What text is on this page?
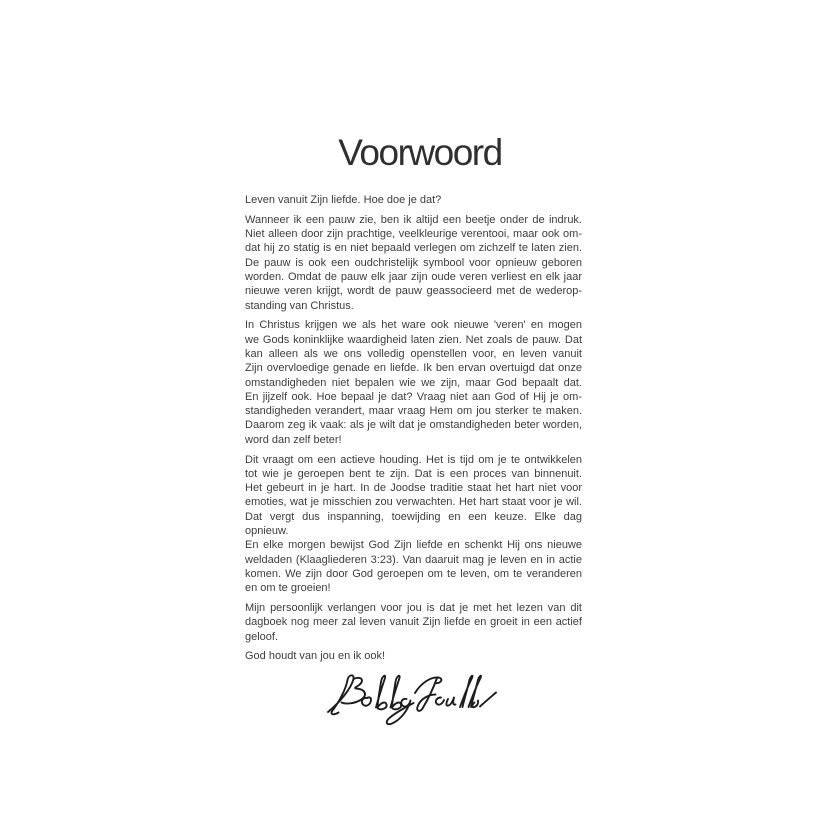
Voorwoord
Leven vanuit Zijn liefde. Hoe doe je dat?
Wanneer ik een pauw zie, ben ik altijd een beetje onder de indruk.
Niet alleen door zijn prachtige, veelkleurige verentooi, maar ook om-
dat hij zo statig is en niet bepaald verlegen om zichzelf te laten zien.
De pauw is ook een oudchristelijk symbool voor opnieuw geboren
worden. Omdat de pauw elk jaar zijn oude veren verliest en elk jaar
nieuwe veren krijgt, wordt de pauw geassocieerd met de wederop-
standing van Christus.
In Christus krijgen we als het ware ook nieuwe 'veren' en mogen
we Gods koninklijke waardigheid laten zien. Net zoals de pauw. Dat
kan alleen als we ons volledig openstellen voor, en leven vanuit
Zijn overvloedige genade en liefde. Ik ben ervan overtuigd dat onze
omstandigheden niet bepalen wie we zijn, maar God bepaalt dat.
En jijzelf ook. Hoe bepaal je dat? Vraag niet aan God of Hij je om-
standigheden verandert, maar vraag Hem om jou sterker te maken.
Daarom zeg ik vaak: als je wilt dat je omstandigheden beter worden,
word dan zelf beter!
Dit vraagt om een actieve houding. Het is tijd om je te ontwikkelen
tot wie je geroepen bent te zijn. Dat is een proces van binnenuit.
Het gebeurt in je hart. In de Joodse traditie staat het hart niet voor
emoties, wat je misschien zou verwachten. Het hart staat voor je wil.
Dat vergt dus inspanning, toewijding en een keuze. Elke dag opnieuw.
En elke morgen bewijst God Zijn liefde en schenkt Hij ons nieuwe
weldaden (Klaagliederen 3:23). Van daaruit mag je leven en in actie
komen. We zijn door God geroepen om te leven, om te veranderen
en om te groeien!
Mijn persoonlijk verlangen voor jou is dat je met het lezen van dit
dagboek nog meer zal leven vanuit Zijn liefde en groeit in een actief
geloof.
God houdt van jou en ik ook!
